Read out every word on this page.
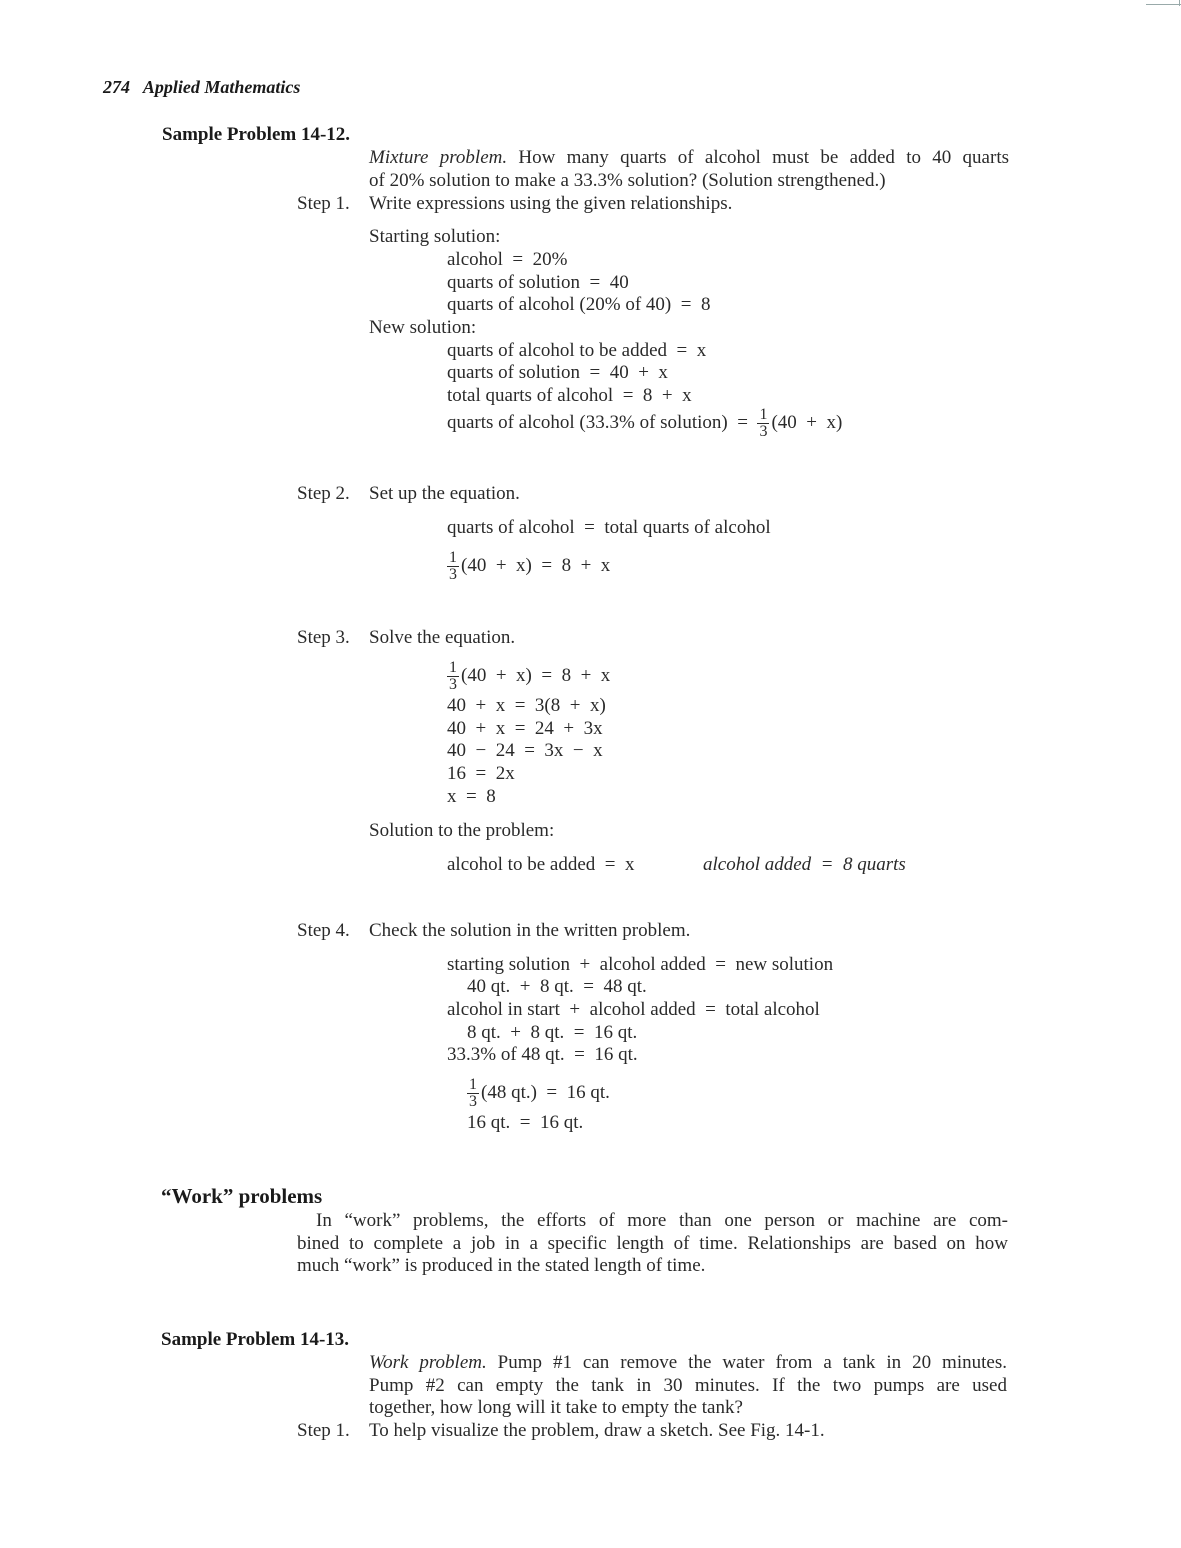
274 Applied Mathematics
Sample Problem 14-12.
Mixture problem. How many quarts of alcohol must be added to 40 quarts
of 20% solution to make a 33.3% solution? (Solution strengthened.)
Step 1. Write expressions using the given relationships.
Starting solution:
alcohol  =  20%
quarts of solution  =  40
quarts of alcohol (20% of 40)  =  8
New solution:
quarts of alcohol to be added  =  x
quarts of solution  =  40  +  x
total quarts of alcohol  =  8  +  x
quarts of alcohol (33.3% of solution)  = $\frac{1}{3} (40 + x)$
Step 2. Set up the equation.
quarts of alcohol  =  total quarts of alcohol
$\frac{1}{3} (40 + x) = 8 + x$
Step 3. Solve the equation.
$\frac{1}{3} (40 + x) = 8 + x$
40  +  x  =  3(8  +  x)
40  +  x  =  24  +  3x
40  −  24  =  3x  −  x
16  =  2x
x  =  8
Solution to the problem:
alcohol to be added  =  x	alcohol added  =  8 quarts
Step 4. Check the solution in the written problem.
starting solution  +  alcohol added  =  new solution
40 qt.  +  8 qt.  =  48 qt.
alcohol in start  +  alcohol added  =  total alcohol
8 qt.  +  8 qt.  =  16 qt.
33.3% of 48 qt.  =  16 qt.
$\frac{1}{3} (48$ qt.)  =  16 qt.
16 qt.  =  16 qt.
“Work” problems
In “work” problems, the efforts of more than one person or machine are com-
bined to complete a job in a specific length of time. Relationships are based on how
much “work” is produced in the stated length of time.
Sample Problem 14-13.
Work problem. Pump #1 can remove the water from a tank in 20 minutes.
Pump #2 can empty the tank in 30 minutes. If the two pumps are used
together, how long will it take to empty the tank?
Step 1. To help visualize the problem, draw a sketch. See Fig. 14-1.
